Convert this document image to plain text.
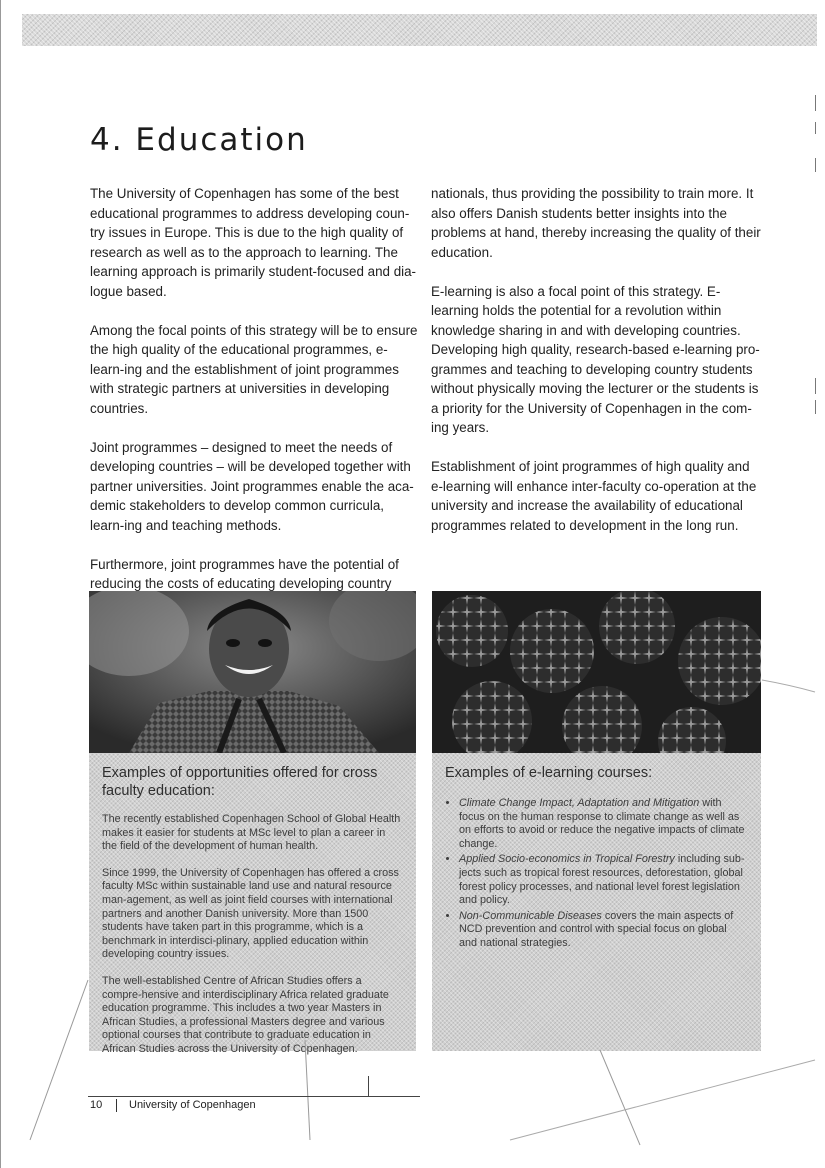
4. Education

The University of Copenhagen has some of the best educational programmes to address developing coun-try issues in Europe. This is due to the high quality of research as well as to the approach to learning. The learning approach is primarily student-focused and dia-logue based.

Among the focal points of this strategy will be to ensure the high quality of the educational programmes, e-learn-ing and the establishment of joint programmes with strategic partners at universities in developing countries.

Joint programmes – designed to meet the needs of developing countries – will be developed together with partner universities. Joint programmes enable the aca-demic stakeholders to develop common curricula, learn-ing and teaching methods.

Furthermore, joint programmes have the potential of reducing the costs of educating developing country

nationals, thus providing the possibility to train more. It also offers Danish students better insights into the problems at hand, thereby increasing the quality of their education.

E-learning is also a focal point of this strategy. E-learning holds the potential for a revolution within knowledge sharing in and with developing countries. Developing high quality, research-based e-learning pro-grammes and teaching to developing country students without physically moving the lecturer or the students is a priority for the University of Copenhagen in the com-ing years.

Establishment of joint programmes of high quality and e-learning will enhance inter-faculty co-operation at the university and increase the availability of educational programmes related to development in the long run.

Examples of opportunities offered for cross faculty education:

The recently established Copenhagen School of Global Health makes it easier for students at MSc level to plan a career in the field of the development of human health.

Since 1999, the University of Copenhagen has offered a cross faculty MSc within sustainable land use and natural resource man-agement, as well as joint field courses with international partners and another Danish university. More than 1500 students have taken part in this programme, which is a benchmark in interdisci-plinary, applied education within developing country issues.

The well-established Centre of African Studies offers a compre-hensive and interdisciplinary Africa related graduate education programme. This includes a two year Masters in African Studies, a professional Masters degree and various optional courses that contribute to graduate education in African Studies across the University of Copenhagen.

Examples of e-learning courses:
• Climate Change Impact, Adaptation and Mitigation with focus on the human response to climate change as well as on efforts to avoid or reduce the negative impacts of climate change.
• Applied Socio-economics in Tropical Forestry including sub-jects such as tropical forest resources, deforestation, global forest policy processes, and national level forest legislation and policy.
• Non-Communicable Diseases covers the main aspects of NCD prevention and control with special focus on global and national strategies.
10 University of Copenhagen
